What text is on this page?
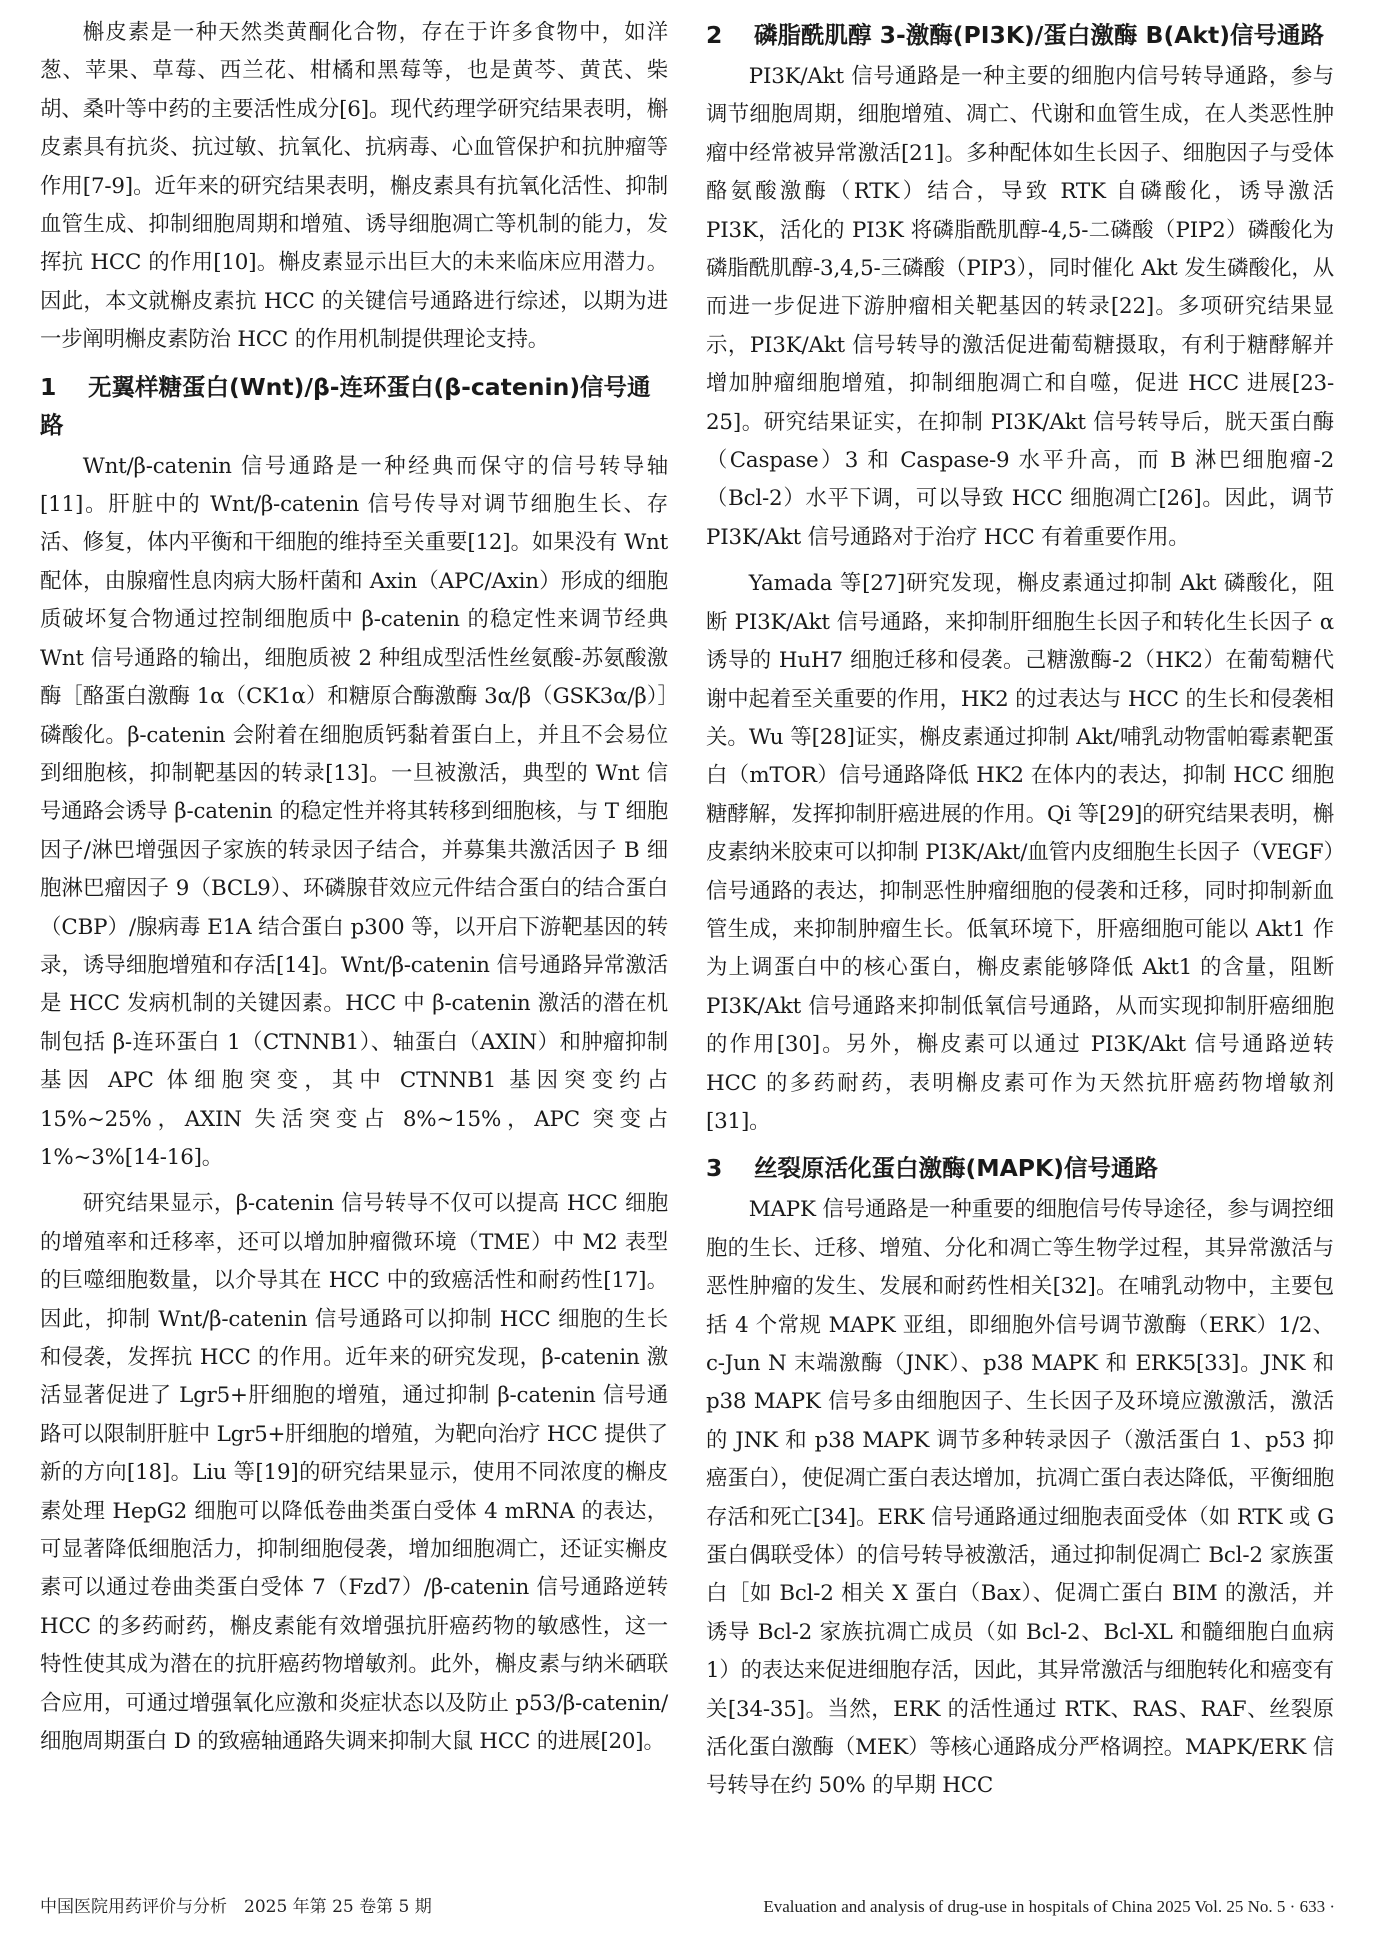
槲皮素是一种天然类黄酮化合物，存在于许多食物中，如洋葱、苹果、草莓、西兰花、柑橘和黑莓等，也是黄芩、黄芪、柴胡、桑叶等中药的主要活性成分[6]。现代药理学研究结果表明，槲皮素具有抗炎、抗过敏、抗氧化、抗病毒、心血管保护和抗肿瘤等作用[7-9]。近年来的研究结果表明，槲皮素具有抗氧化活性、抑制血管生成、抑制细胞周期和增殖、诱导细胞凋亡等机制的能力，发挥抗 HCC 的作用[10]。槲皮素显示出巨大的未来临床应用潜力。因此，本文就槲皮素抗 HCC 的关键信号通路进行综述，以期为进一步阐明槲皮素防治 HCC 的作用机制提供理论支持。

1 无翼样糖蛋白(Wnt)/β-连环蛋白(β-catenin)信号通路

Wnt/β-catenin 信号通路是一种经典而保守的信号转导轴[11]。肝脏中的 Wnt/β-catenin 信号传导对调节细胞生长、存活、修复，体内平衡和干细胞的维持至关重要[12]。如果没有 Wnt 配体，由腺瘤性息肉病大肠杆菌和 Axin（APC/Axin）形成的细胞质破坏复合物通过控制细胞质中 β-catenin 的稳定性来调节经典 Wnt 信号通路的输出，细胞质被 2 种组成型活性丝氨酸-苏氨酸激酶［酪蛋白激酶 1α（CK1α）和糖原合酶激酶 3α/β（GSK3α/β）］磷酸化。β-catenin 会附着在细胞质钙黏着蛋白上，并且不会易位到细胞核，抑制靶基因的转录[13]。一旦被激活，典型的 Wnt 信号通路会诱导 β-catenin 的稳定性并将其转移到细胞核，与 T 细胞因子/淋巴增强因子家族的转录因子结合，并募集共激活因子 B 细胞淋巴瘤因子 9（BCL9）、环磷腺苷效应元件结合蛋白的结合蛋白（CBP）/腺病毒 E1A 结合蛋白 p300 等，以开启下游靶基因的转录，诱导细胞增殖和存活[14]。Wnt/β-catenin 信号通路异常激活是 HCC 发病机制的关键因素。HCC 中 β-catenin 激活的潜在机制包括 β-连环蛋白 1（CTNNB1）、轴蛋白（AXIN）和肿瘤抑制基因 APC 体细胞突变，其中 CTNNB1 基因突变约占 15%~25%，AXIN 失活突变占 8%~15%，APC 突变占 1%~3%[14-16]。

研究结果显示，β-catenin 信号转导不仅可以提高 HCC 细胞的增殖率和迁移率，还可以增加肿瘤微环境（TME）中 M2 表型的巨噬细胞数量，以介导其在 HCC 中的致癌活性和耐药性[17]。因此，抑制 Wnt/β-catenin 信号通路可以抑制 HCC 细胞的生长和侵袭，发挥抗 HCC 的作用。近年来的研究发现，β-catenin 激活显著促进了 Lgr5+肝细胞的增殖，通过抑制 β-catenin 信号通路可以限制肝脏中 Lgr5+肝细胞的增殖，为靶向治疗 HCC 提供了新的方向[18]。Liu 等[19]的研究结果显示，使用不同浓度的槲皮素处理 HepG2 细胞可以降低卷曲类蛋白受体 4 mRNA 的表达，可显著降低细胞活力，抑制细胞侵袭，增加细胞凋亡，还证实槲皮素可以通过卷曲类蛋白受体 7（Fzd7）/β-catenin 信号通路逆转 HCC 的多药耐药，槲皮素能有效增强抗肝癌药物的敏感性，这一特性使其成为潜在的抗肝癌药物增敏剂。此外，槲皮素与纳米硒联合应用，可通过增强氧化应激和炎症状态以及防止 p53/β-catenin/细胞周期蛋白 D 的致癌轴通路失调来抑制大鼠 HCC 的进展[20]。

2 磷脂酰肌醇 3-激酶(PI3K)/蛋白激酶 B(Akt)信号通路

PI3K/Akt 信号通路是一种主要的细胞内信号转导通路，参与调节细胞周期，细胞增殖、凋亡、代谢和血管生成，在人类恶性肿瘤中经常被异常激活[21]。多种配体如生长因子、细胞因子与受体酪氨酸激酶（RTK）结合，导致 RTK 自磷酸化，诱导激活 PI3K，活化的 PI3K 将磷脂酰肌醇-4,5-二磷酸（PIP2）磷酸化为磷脂酰肌醇-3,4,5-三磷酸（PIP3），同时催化 Akt 发生磷酸化，从而进一步促进下游肿瘤相关靶基因的转录[22]。多项研究结果显示，PI3K/Akt 信号转导的激活促进葡萄糖摄取，有利于糖酵解并增加肿瘤细胞增殖，抑制细胞凋亡和自噬，促进 HCC 进展[23-25]。研究结果证实，在抑制 PI3K/Akt 信号转导后，胱天蛋白酶（Caspase）3 和 Caspase-9 水平升高，而 B 淋巴细胞瘤-2（Bcl-2）水平下调，可以导致 HCC 细胞凋亡[26]。因此，调节 PI3K/Akt 信号通路对于治疗 HCC 有着重要作用。

Yamada 等[27]研究发现，槲皮素通过抑制 Akt 磷酸化，阻断 PI3K/Akt 信号通路，来抑制肝细胞生长因子和转化生长因子 α 诱导的 HuH7 细胞迁移和侵袭。己糖激酶-2（HK2）在葡萄糖代谢中起着至关重要的作用，HK2 的过表达与 HCC 的生长和侵袭相关。Wu 等[28]证实，槲皮素通过抑制 Akt/哺乳动物雷帕霉素靶蛋白（mTOR）信号通路降低 HK2 在体内的表达，抑制 HCC 细胞糖酵解，发挥抑制肝癌进展的作用。Qi 等[29]的研究结果表明，槲皮素纳米胶束可以抑制 PI3K/Akt/血管内皮细胞生长因子（VEGF）信号通路的表达，抑制恶性肿瘤细胞的侵袭和迁移，同时抑制新血管生成，来抑制肿瘤生长。低氧环境下，肝癌细胞可能以 Akt1 作为上调蛋白中的核心蛋白，槲皮素能够降低 Akt1 的含量，阻断 PI3K/Akt 信号通路来抑制低氧信号通路，从而实现抑制肝癌细胞的作用[30]。另外，槲皮素可以通过 PI3K/Akt 信号通路逆转 HCC 的多药耐药，表明槲皮素可作为天然抗肝癌药物增敏剂[31]。

3 丝裂原活化蛋白激酶(MAPK)信号通路

MAPK 信号通路是一种重要的细胞信号传导途径，参与调控细胞的生长、迁移、增殖、分化和凋亡等生物学过程，其异常激活与恶性肿瘤的发生、发展和耐药性相关[32]。在哺乳动物中，主要包括 4 个常规 MAPK 亚组，即细胞外信号调节激酶（ERK）1/2、c-Jun N 末端激酶（JNK）、p38 MAPK 和 ERK5[33]。JNK 和 p38 MAPK 信号多由细胞因子、生长因子及环境应激激活，激活的 JNK 和 p38 MAPK 调节多种转录因子（激活蛋白 1、p53 抑癌蛋白），使促凋亡蛋白表达增加，抗凋亡蛋白表达降低，平衡细胞存活和死亡[34]。ERK 信号通路通过细胞表面受体（如 RTK 或 G 蛋白偶联受体）的信号转导被激活，通过抑制促凋亡 Bcl-2 家族蛋白［如 Bcl-2 相关 X 蛋白（Bax）、促凋亡蛋白 BIM 的激活，并诱导 Bcl-2 家族抗凋亡成员（如 Bcl-2、Bcl-XL 和髓细胞白血病 1）的表达来促进细胞存活，因此，其异常激活与细胞转化和癌变有关[34-35]。当然，ERK 的活性通过 RTK、RAS、RAF、丝裂原活化蛋白激酶（MEK）等核心通路成分严格调控。MAPK/ERK 信号转导在约 50% 的早期 HCC

中国医院用药评价与分析　2025 年第 25 卷第 5 期	Evaluation and analysis of drug-use in hospitals of China 2025 Vol. 25 No. 5 · 633 ·
